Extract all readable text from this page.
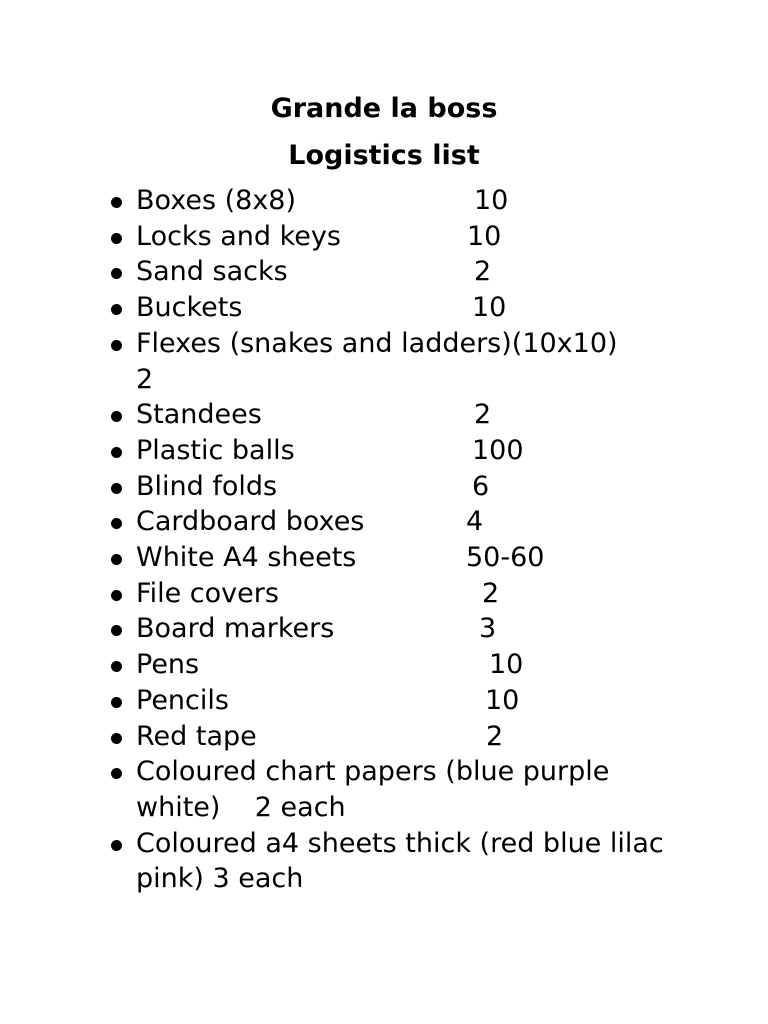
Grande la boss
Logistics list
Boxes (8x8)	10
Locks and keys	10
Sand sacks	2
Buckets	10
Flexes (snakes and ladders)(10x10)
2
Standees	2
Plastic balls	100
Blind folds	6
Cardboard boxes	4
White A4 sheets	50-60
File covers	2
Board markers	3
Pens	10
Pencils	10
Red tape	2
Coloured chart papers (blue purple white) 2 each
Coloured a4 sheets thick (red blue lilac pink) 3 each
